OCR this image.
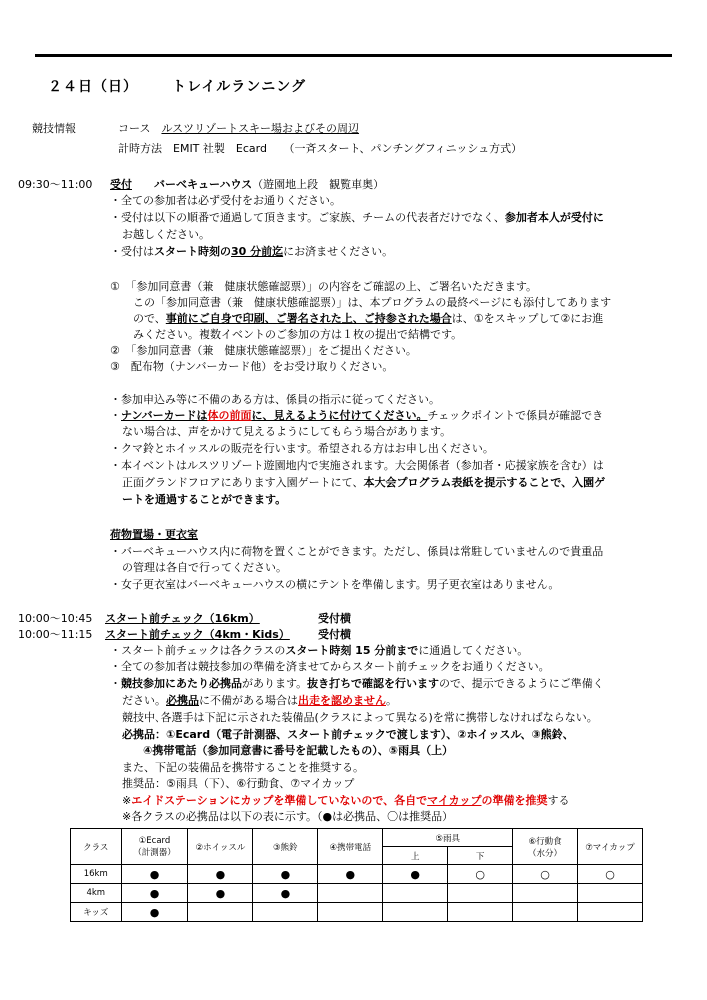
２４日（日） トレイルランニング
競技情報	コース　 ルスツリゾートスキー場およびその周辺
計時方法　 EMIT 社製　Ecard　　（一斉スタート、パンチングフィニッシュ方式）
09:30～11:00 受付　　 バーベキューハウス（遊園地上段　観覧車奥）
・全ての参加者は必ず受付をお通りください。
・受付は以下の順番で通過して頂きます。ご家族、チームの代表者だけでなく、参加者本人が受付に
お越しください。
・受付はスタート時刻の30 分前迄にお済ませください。
①　「参加同意書（兼　健康状態確認票）」の内容をご確認の上、ご署名いただきます。
この「参加同意書（兼　健康状態確認票）」は、本プログラムの最終ページにも添付してあります
ので、事前にご自身で印刷、ご署名された上、ご持参された場合は、①をスキップして②にお進
みください。複数イベントのご参加の方は１枚の提出で結構です。
②　「参加同意書（兼　健康状態確認票）」をご提出ください。
③　配布物（ナンバーカード他）をお受け取りください。
・参加申込み等に不備のある方は、係員の指示に従ってください。
・ナンバーカードは体の前面に、見えるように付けてください。チェックポイントで係員が確認でき
ない場合は、声をかけて見えるようにしてもらう場合があります。
・クマ鈴とホイッスルの販売を行います。希望される方はお申し出ください。
・本イベントはルスツリゾート遊園地内で実施されます。大会関係者（参加者・応援家族を含む）は
正面グランドフロアにあります入園ゲートにて、本大会プログラム表紙を提示することで、入園ゲ
ートを通過することができます。
荷物置場・更衣室
・バーベキューハウス内に荷物を置くことができます。ただし、係員は常駐していませんので貴重品
の管理は各自で行ってください。
・女子更衣室はバーベキューハウスの横にテントを準備します。男子更衣室はありません。
10:00～10:45 スタート前チェック（16km）	受付横
10:00～11:15 スタート前チェック（4km・Kids）	受付横
・スタート前チェックは各クラスのスタート時刻 15 分前までに通過してください。
・全ての参加者は競技参加の準備を済ませてからスタート前チェックをお通りください。
・競技参加にあたり必携品があります。抜き打ちで確認を行いますので、提示できるようにご準備く
ださい。必携品に不備がある場合は出走を認めません。
競技中､各選手は下記に示された装備品(クラスによって異なる)を常に携帯しなければならない。
必携品：①Ecard（電子計測器、スタート前チェックで渡します）、②ホイッスル、③熊鈴、
④携帯電話（参加同意書に番号を記載したもの）、⑤雨具（上）
また、下記の装備品を携帯することを推奨する。
推奨品：⑤雨具（下）、⑥行動食、⑦マイカップ
※エイドステーションにカップを準備していないので、各自でマイカップの準備を推奨する
※各クラスの必携品は以下の表に示す。（●は必携品、〇は推奨品）
クラス	①Ecard
（計測器）	②ホイッスル	③熊鈴	④携帯電話	⑤雨具		⑥行動食
（水分）	⑦マイカップ
					上	下		
16km	●	●	●	●	●	○	○	○
4km	●	●	●					
キッズ	●							
